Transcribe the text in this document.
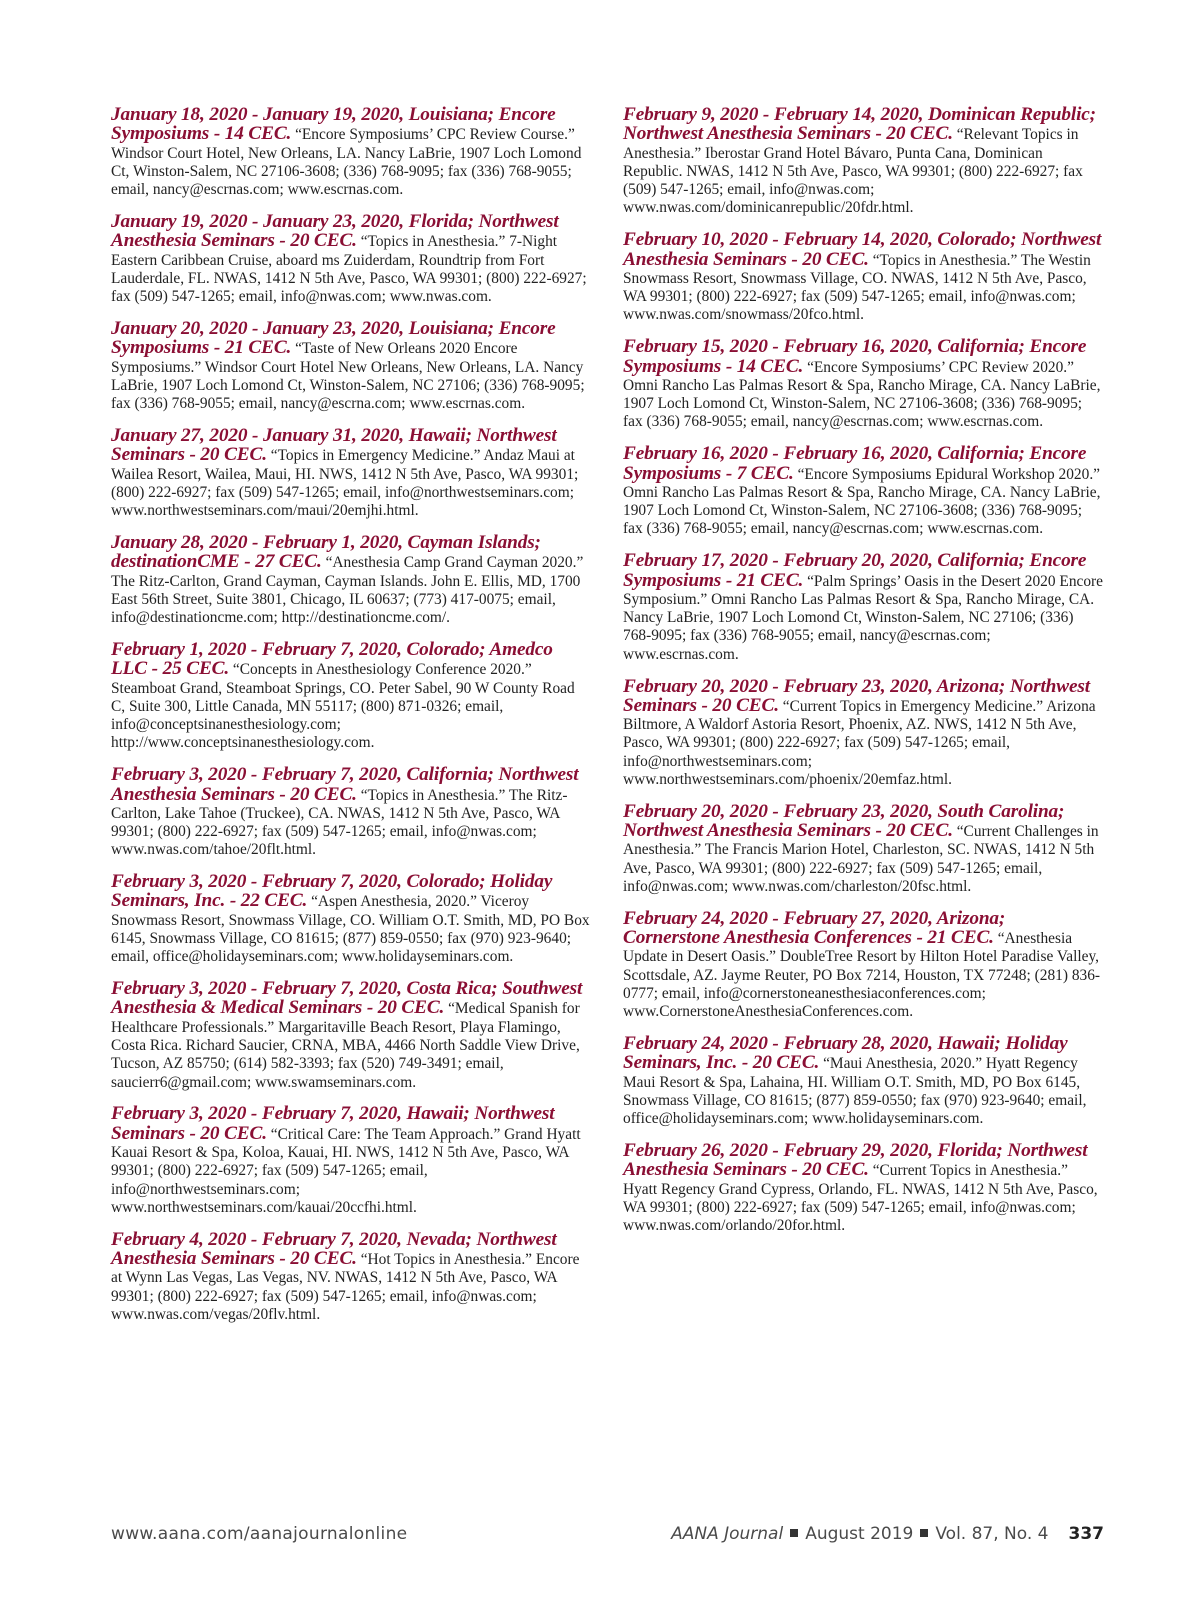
January 18, 2020 - January 19, 2020, Louisiana; Encore Symposiums - 14 CEC. “Encore Symposiums’ CPC Review Course.” Windsor Court Hotel, New Orleans, LA. Nancy LaBrie, 1907 Loch Lomond Ct, Winston-Salem, NC 27106-3608; (336) 768-9095; fax (336) 768-9055; email, nancy@escrnas.com; www.escrnas.com.

January 19, 2020 - January 23, 2020, Florida; Northwest Anesthesia Seminars - 20 CEC. “Topics in Anesthesia.” 7-Night Eastern Caribbean Cruise, aboard ms Zuiderdam, Roundtrip from Fort Lauderdale, FL. NWAS, 1412 N 5th Ave, Pasco, WA 99301; (800) 222-6927; fax (509) 547-1265; email, info@nwas.com; www.nwas.com.

January 20, 2020 - January 23, 2020, Louisiana; Encore Symposiums - 21 CEC. “Taste of New Orleans 2020 Encore Symposiums.” Windsor Court Hotel New Orleans, New Orleans, LA. Nancy LaBrie, 1907 Loch Lomond Ct, Winston-Salem, NC 27106; (336) 768-9095; fax (336) 768-9055; email, nancy@escrna.com; www.escrnas.com.

January 27, 2020 - January 31, 2020, Hawaii; Northwest Seminars - 20 CEC. “Topics in Emergency Medicine.” Andaz Maui at Wailea Resort, Wailea, Maui, HI. NWS, 1412 N 5th Ave, Pasco, WA 99301; (800) 222-6927; fax (509) 547-1265; email, info@northwestseminars.com; www.northwestseminars.com/maui/20emjhi.html.

January 28, 2020 - February 1, 2020, Cayman Islands; destinationCME - 27 CEC. “Anesthesia Camp Grand Cayman 2020.” The Ritz-Carlton, Grand Cayman, Cayman Islands. John E. Ellis, MD, 1700 East 56th Street, Suite 3801, Chicago, IL 60637; (773) 417-0075; email, info@destinationcme.com; http://destinationcme.com/.

February 1, 2020 - February 7, 2020, Colorado; Amedco LLC - 25 CEC. “Concepts in Anesthesiology Conference 2020.” Steamboat Grand, Steamboat Springs, CO. Peter Sabel, 90 W County Road C, Suite 300, Little Canada, MN 55117; (800) 871-0326; email, info@conceptsinanesthesiology.com; http://www.conceptsinanesthesiology.com.

February 3, 2020 - February 7, 2020, California; Northwest Anesthesia Seminars - 20 CEC. “Topics in Anesthesia.” The Ritz-Carlton, Lake Tahoe (Truckee), CA. NWAS, 1412 N 5th Ave, Pasco, WA 99301; (800) 222-6927; fax (509) 547-1265; email, info@nwas.com; www.nwas.com/tahoe/20flt.html.

February 3, 2020 - February 7, 2020, Colorado; Holiday Seminars, Inc. - 22 CEC. “Aspen Anesthesia, 2020.” Viceroy Snowmass Resort, Snowmass Village, CO. William O.T. Smith, MD, PO Box 6145, Snowmass Village, CO 81615; (877) 859-0550; fax (970) 923-9640; email, office@holidayseminars.com; www.holidayseminars.com.

February 3, 2020 - February 7, 2020, Costa Rica; Southwest Anesthesia & Medical Seminars - 20 CEC. “Medical Spanish for Healthcare Professionals.” Margaritaville Beach Resort, Playa Flamingo, Costa Rica. Richard Saucier, CRNA, MBA, 4466 North Saddle View Drive, Tucson, AZ 85750; (614) 582-3393; fax (520) 749-3491; email, saucierr6@gmail.com; www.swamseminars.com.

February 3, 2020 - February 7, 2020, Hawaii; Northwest Seminars - 20 CEC. “Critical Care: The Team Approach.” Grand Hyatt Kauai Resort & Spa, Koloa, Kauai, HI. NWS, 1412 N 5th Ave, Pasco, WA 99301; (800) 222-6927; fax (509) 547-1265; email, info@northwestseminars.com; www.northwestseminars.com/kauai/20ccfhi.html.

February 4, 2020 - February 7, 2020, Nevada; Northwest Anesthesia Seminars - 20 CEC. “Hot Topics in Anesthesia.” Encore at Wynn Las Vegas, Las Vegas, NV. NWAS, 1412 N 5th Ave, Pasco, WA 99301; (800) 222-6927; fax (509) 547-1265; email, info@nwas.com; www.nwas.com/vegas/20flv.html.

February 9, 2020 - February 14, 2020, Dominican Republic; Northwest Anesthesia Seminars - 20 CEC. “Relevant Topics in Anesthesia.” Iberostar Grand Hotel Bávaro, Punta Cana, Dominican Republic. NWAS, 1412 N 5th Ave, Pasco, WA 99301; (800) 222-6927; fax (509) 547-1265; email, info@nwas.com; www.nwas.com/dominicanrepublic/20fdr.html.

February 10, 2020 - February 14, 2020, Colorado; Northwest Anesthesia Seminars - 20 CEC. “Topics in Anesthesia.” The Westin Snowmass Resort, Snowmass Village, CO. NWAS, 1412 N 5th Ave, Pasco, WA 99301; (800) 222-6927; fax (509) 547-1265; email, info@nwas.com; www.nwas.com/snowmass/20fco.html.

February 15, 2020 - February 16, 2020, California; Encore Symposiums - 14 CEC. “Encore Symposiums’ CPC Review 2020.” Omni Rancho Las Palmas Resort & Spa, Rancho Mirage, CA. Nancy LaBrie, 1907 Loch Lomond Ct, Winston-Salem, NC 27106-3608; (336) 768-9095; fax (336) 768-9055; email, nancy@escrnas.com; www.escrnas.com.

February 16, 2020 - February 16, 2020, California; Encore Symposiums - 7 CEC. “Encore Symposiums Epidural Workshop 2020.” Omni Rancho Las Palmas Resort & Spa, Rancho Mirage, CA. Nancy LaBrie, 1907 Loch Lomond Ct, Winston-Salem, NC 27106-3608; (336) 768-9095; fax (336) 768-9055; email, nancy@escrnas.com; www.escrnas.com.

February 17, 2020 - February 20, 2020, California; Encore Symposiums - 21 CEC. “Palm Springs’ Oasis in the Desert 2020 Encore Symposium.” Omni Rancho Las Palmas Resort & Spa, Rancho Mirage, CA. Nancy LaBrie, 1907 Loch Lomond Ct, Winston-Salem, NC 27106; (336) 768-9095; fax (336) 768-9055; email, nancy@escrnas.com; www.escrnas.com.

February 20, 2020 - February 23, 2020, Arizona; Northwest Seminars - 20 CEC. “Current Topics in Emergency Medicine.” Arizona Biltmore, A Waldorf Astoria Resort, Phoenix, AZ. NWS, 1412 N 5th Ave, Pasco, WA 99301; (800) 222-6927; fax (509) 547-1265; email, info@northwestseminars.com; www.northwestseminars.com/phoenix/20emfaz.html.

February 20, 2020 - February 23, 2020, South Carolina; Northwest Anesthesia Seminars - 20 CEC. “Current Challenges in Anesthesia.” The Francis Marion Hotel, Charleston, SC. NWAS, 1412 N 5th Ave, Pasco, WA 99301; (800) 222-6927; fax (509) 547-1265; email, info@nwas.com; www.nwas.com/charleston/20fsc.html.

February 24, 2020 - February 27, 2020, Arizona; Cornerstone Anesthesia Conferences - 21 CEC. “Anesthesia Update in Desert Oasis.” DoubleTree Resort by Hilton Hotel Paradise Valley, Scottsdale, AZ. Jayme Reuter, PO Box 7214, Houston, TX 77248; (281) 836-0777; email, info@cornerstoneanesthesiaconferences.com; www.CornerstoneAnesthesiaConferences.com.

February 24, 2020 - February 28, 2020, Hawaii; Holiday Seminars, Inc. - 20 CEC. “Maui Anesthesia, 2020.” Hyatt Regency Maui Resort & Spa, Lahaina, HI. William O.T. Smith, MD, PO Box 6145, Snowmass Village, CO 81615; (877) 859-0550; fax (970) 923-9640; email, office@holidayseminars.com; www.holidayseminars.com.

February 26, 2020 - February 29, 2020, Florida; Northwest Anesthesia Seminars - 20 CEC. “Current Topics in Anesthesia.” Hyatt Regency Grand Cypress, Orlando, FL. NWAS, 1412 N 5th Ave, Pasco, WA 99301; (800) 222-6927; fax (509) 547-1265; email, info@nwas.com; www.nwas.com/orlando/20for.html.

www.aana.com/aanajournalonline	AANA Journal August 2019 Vol. 87, No. 4 337
